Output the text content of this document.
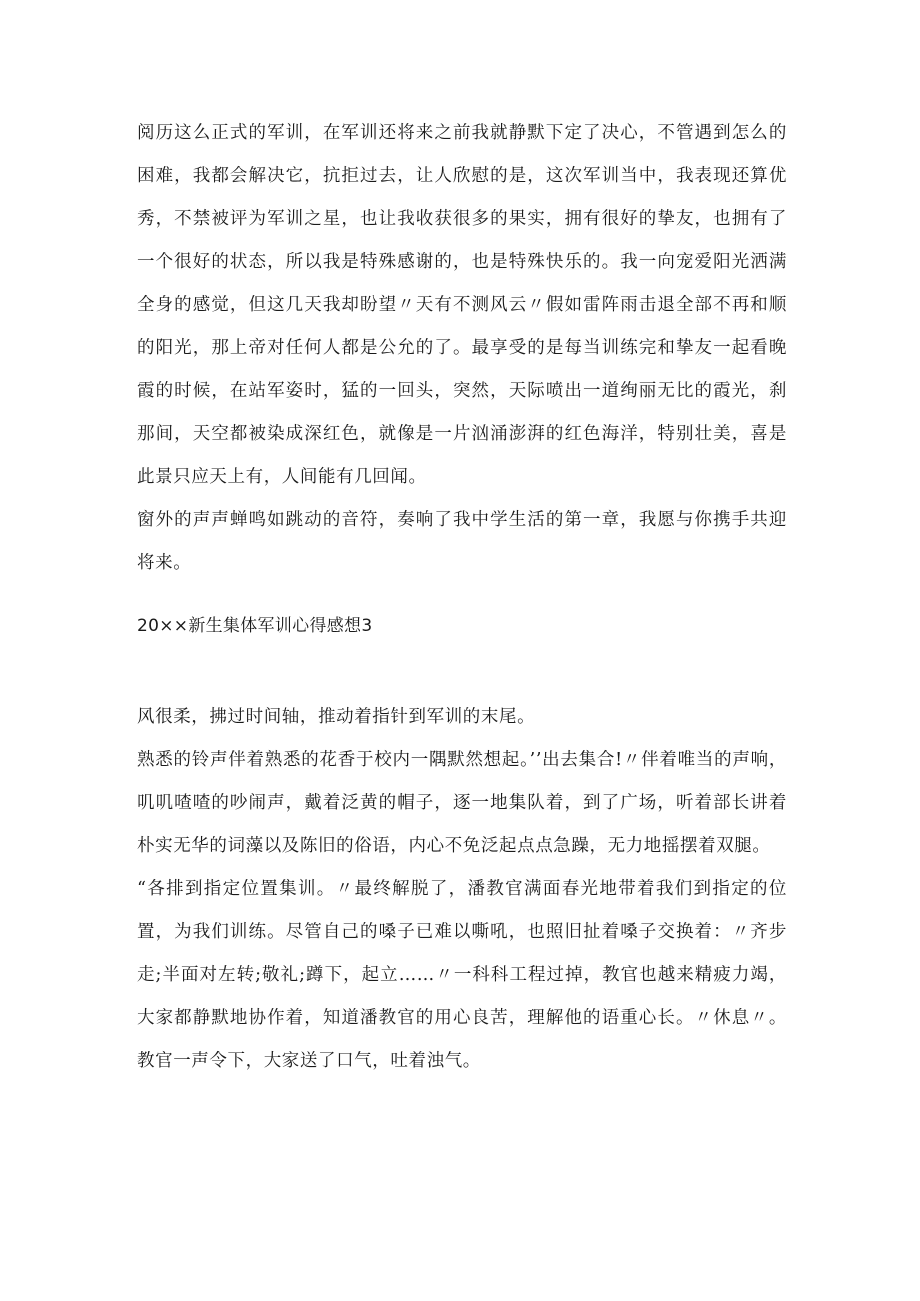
阅历这么正式的军训，在军训还将来之前我就静默下定了决心，不管遇到怎么的困难，我都会解决它，抗拒过去，让人欣慰的是，这次军训当中，我表现还算优秀，不禁被评为军训之星，也让我收获很多的果实，拥有很好的挚友，也拥有了一个很好的状态，所以我是特殊感谢的，也是特殊快乐的。我一向宠爱阳光洒满全身的感觉，但这几天我却盼望〃天有不测风云〃假如雷阵雨击退全部不再和顺的阳光，那上帝对任何人都是公允的了。最享受的是每当训练完和挚友一起看晚霞的时候，在站军姿时，猛的一回头，突然，天际喷出一道绚丽无比的霞光，刹那间，天空都被染成深红色，就像是一片汹涌澎湃的红色海洋，特别壮美，喜是此景只应天上有，人间能有几回闻。

窗外的声声蝉鸣如跳动的音符，奏响了我中学生活的第一章，我愿与你携手共迎将来。

20××新生集体军训心得感想3

风很柔，拂过时间轴，推动着指针到军训的末尾。

熟悉的铃声伴着熟悉的花香于校内一隅默然想起。’’出去集合!〃伴着唯当的声响，叽叽喳喳的吵闹声，戴着泛黄的帽子，逐一地集队着，到了广场，听着部长讲着朴实无华的词藻以及陈旧的俗语，内心不免泛起点点急躁，无力地摇摆着双腿。

“各排到指定位置集训。〃最终解脱了，潘教官满面春光地带着我们到指定的位置，为我们训练。尽管自己的嗓子已难以嘶吼，也照旧扯着嗓子交换着：〃齐步走;半面对左转;敬礼;蹲下，起立……〃一科科工程过掉，教官也越来精疲力竭，大家都静默地协作着，知道潘教官的用心良苦，理解他的语重心长。〃休息〃。教官一声令下，大家送了口气，吐着浊气。
